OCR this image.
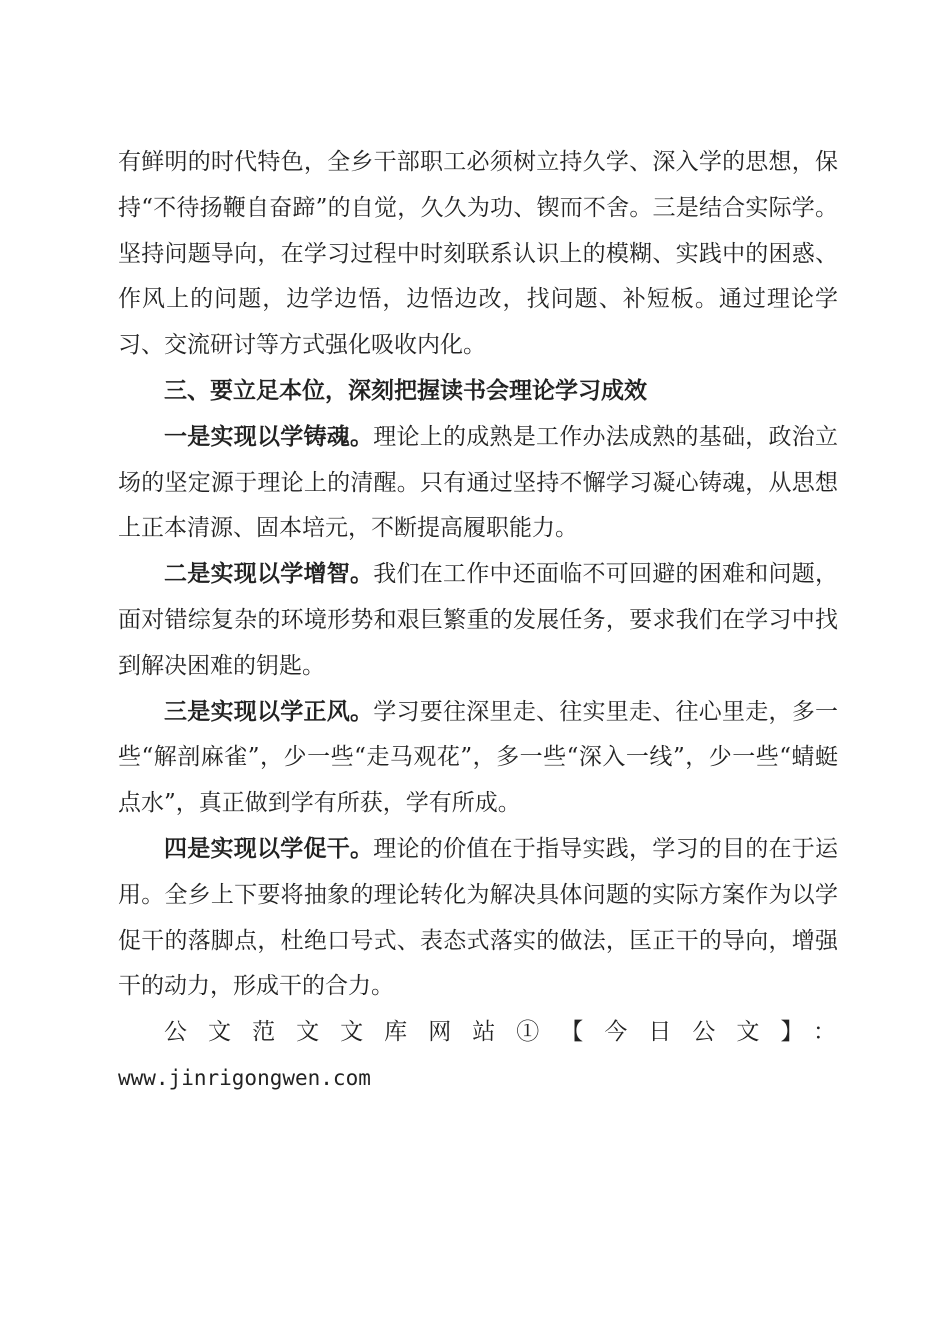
有鲜明的时代特色，全乡干部职工必须树立持久学、深入学的思想，保持“不待扬鞭自奋蹄”的自觉，久久为功、锲而不舍。三是结合实际学。坚持问题导向，在学习过程中时刻联系认识上的模糊、实践中的困惑、作风上的问题，边学边悟，边悟边改，找问题、补短板。通过理论学习、交流研讨等方式强化吸收内化。

三、要立足本位，深刻把握读书会理论学习成效

一是实现以学铸魂。理论上的成熟是工作办法成熟的基础，政治立场的坚定源于理论上的清醒。只有通过坚持不懈学习凝心铸魂，从思想上正本清源、固本培元，不断提高履职能力。

二是实现以学增智。我们在工作中还面临不可回避的困难和问题，面对错综复杂的环境形势和艰巨繁重的发展任务，要求我们在学习中找到解决困难的钥匙。

三是实现以学正风。学习要往深里走、往实里走、往心里走，多一些“解剖麻雀”，少一些“走马观花”，多一些“深入一线”，少一些“蜻蜓点水”，真正做到学有所获，学有所成。

四是实现以学促干。理论的价值在于指导实践，学习的目的在于运用。全乡上下要将抽象的理论转化为解决具体问题的实际方案作为以学促干的落脚点，杜绝口号式、表态式落实的做法，匡正干的导向，增强干的动力，形成干的合力。

公文范文文库网站①【今日公文】：

www.jinrigongwen.com
